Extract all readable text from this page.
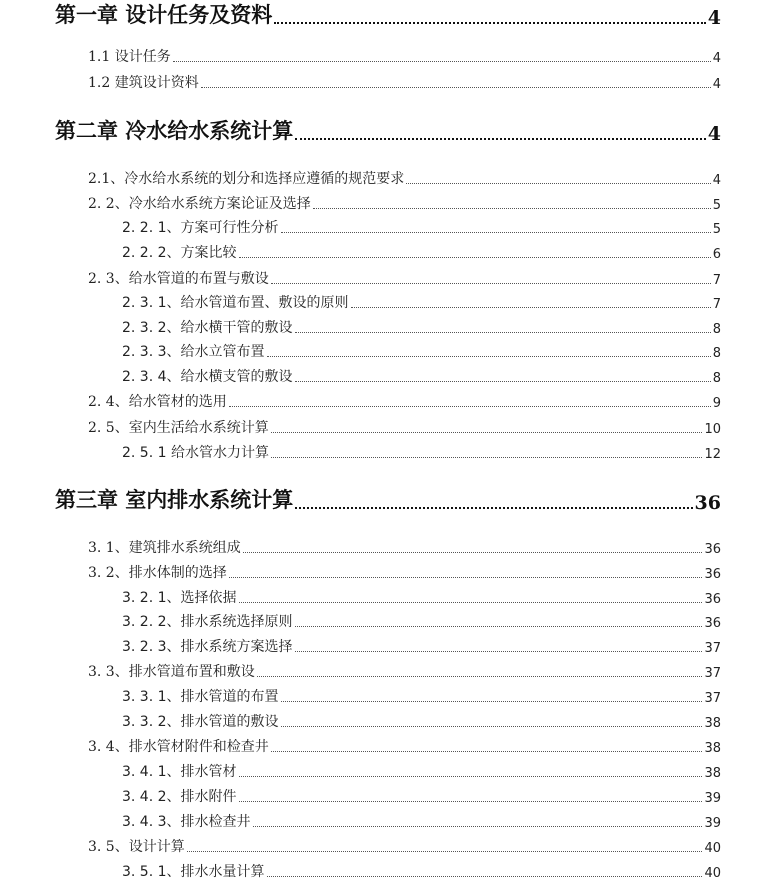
第一章 设计任务及资料	4
1.1 设计任务	4
1.2 建筑设计资料	4
第二章 冷水给水系统计算	4
2.1、冷水给水系统的划分和选择应遵循的规范要求	4
2. 2、冷水给水系统方案论证及选择	5
2. 2. 1、方案可行性分析	5
2. 2. 2、方案比较	6
2. 3、给水管道的布置与敷设	7
2. 3. 1、给水管道布置、敷设的原则	7
2. 3. 2、给水横干管的敷设	8
2. 3. 3、给水立管布置	8
2. 3. 4、给水横支管的敷设	8
2. 4、给水管材的选用	9
2. 5、室内生活给水系统计算	10
2. 5. 1 给水管水力计算	12
第三章 室内排水系统计算	36
3. 1、建筑排水系统组成	36
3. 2、排水体制的选择	36
3. 2. 1、选择依据	36
3. 2. 2、排水系统选择原则	36
3. 2. 3、排水系统方案选择	37
3. 3、排水管道布置和敷设	37
3. 3. 1、排水管道的布置	37
3. 3. 2、排水管道的敷设	38
3. 4、排水管材附件和检查井	38
3. 4. 1、排水管材	38
3. 4. 2、排水附件	39
3. 4. 3、排水检查井	39
3. 5、设计计算	40
3. 5. 1、排水水量计算	40
